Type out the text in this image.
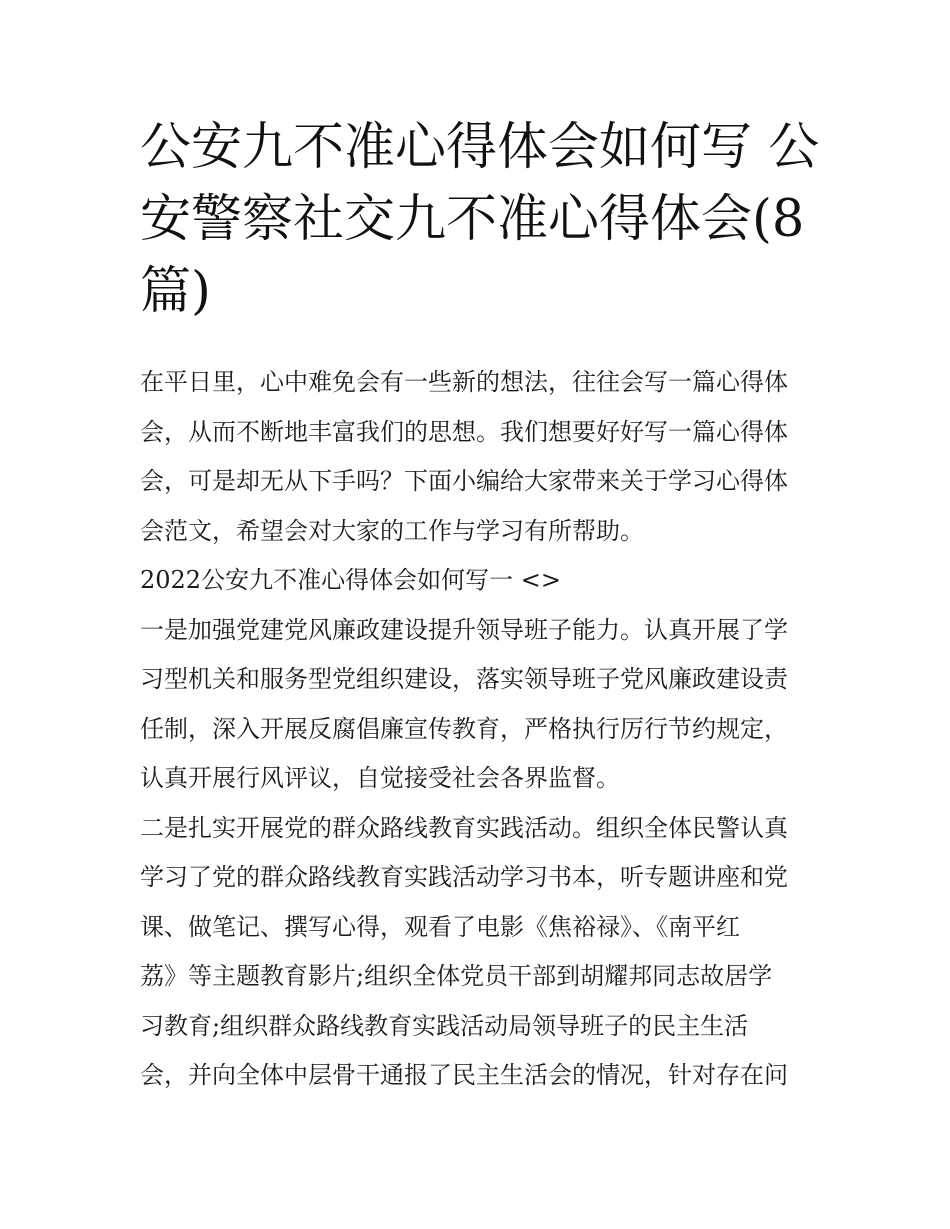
公安九不准心得体会如何写 公
安警察社交九不准心得体会(8
篇)
在平日里，心中难免会有一些新的想法，往往会写一篇心得体
会，从而不断地丰富我们的思想。我们想要好好写一篇心得体
会，可是却无从下手吗？下面小编给大家带来关于学习心得体
会范文，希望会对大家的工作与学习有所帮助。
2022公安九不准心得体会如何写一 <>
一是加强党建党风廉政建设提升领导班子能力。认真开展了学
习型机关和服务型党组织建设，落实领导班子党风廉政建设责
任制，深入开展反腐倡廉宣传教育，严格执行厉行节约规定，
认真开展行风评议，自觉接受社会各界监督。
二是扎实开展党的群众路线教育实践活动。组织全体民警认真
学习了党的群众路线教育实践活动学习书本，听专题讲座和党
课、做笔记、撰写心得，观看了电影《焦裕禄》、《南平红
荔》等主题教育影片;组织全体党员干部到胡耀邦同志故居学
习教育;组织群众路线教育实践活动局领导班子的民主生活
会，并向全体中层骨干通报了民主生活会的情况，针对存在问
